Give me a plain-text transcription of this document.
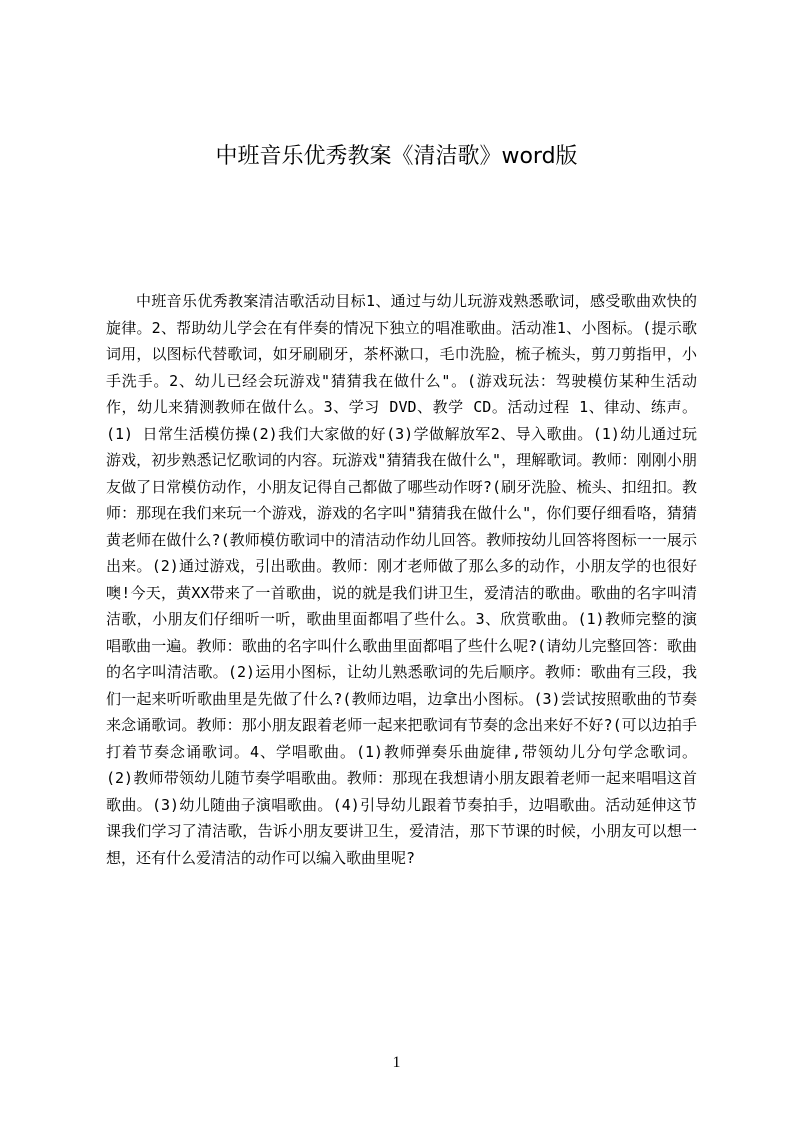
中班音乐优秀教案《清洁歌》word版

中班音乐优秀教案清洁歌活动目标1、通过与幼儿玩游戏熟悉歌词，感受歌曲欢快的旋律。2、帮助幼儿学会在有伴奏的情况下独立的唱准歌曲。活动准1、小图标。(提示歌词用，以图标代替歌词，如牙刷刷牙，茶杯漱口，毛巾洗脸，梳子梳头，剪刀剪指甲，小手洗手。2、幼儿已经会玩游戏"猜猜我在做什么"。(游戏玩法：驾驶模仿某种生活动作，幼儿来猜测教师在做什么。3、学习 DVD、教学 CD。活动过程 1、律动、练声。(1) 日常生活模仿操(2)我们大家做的好(3)学做解放军2、导入歌曲。(1)幼儿通过玩游戏，初步熟悉记忆歌词的内容。玩游戏"猜猜我在做什么"，理解歌词。教师：刚刚小朋友做了日常模仿动作，小朋友记得自己都做了哪些动作呀?(刷牙洗脸、梳头、扣纽扣。教师：那现在我们来玩一个游戏，游戏的名字叫"猜猜我在做什么"，你们要仔细看咯，猜猜黄老师在做什么?(教师模仿歌词中的清洁动作幼儿回答。教师按幼儿回答将图标一一展示出来。(2)通过游戏，引出歌曲。教师：刚才老师做了那么多的动作，小朋友学的也很好噢!今天，黄XX带来了一首歌曲，说的就是我们讲卫生，爱清洁的歌曲。歌曲的名字叫清洁歌，小朋友们仔细听一听，歌曲里面都唱了些什么。3、欣赏歌曲。(1)教师完整的演唱歌曲一遍。教师：歌曲的名字叫什么歌曲里面都唱了些什么呢?(请幼儿完整回答：歌曲的名字叫清洁歌。(2)运用小图标，让幼儿熟悉歌词的先后顺序。教师：歌曲有三段，我们一起来听听歌曲里是先做了什么?(教师边唱，边拿出小图标。(3)尝试按照歌曲的节奏来念诵歌词。教师：那小朋友跟着老师一起来把歌词有节奏的念出来好不好?(可以边拍手打着节奏念诵歌词。4、学唱歌曲。(1)教师弹奏乐曲旋律,带领幼儿分句学念歌词。 (2)教师带领幼儿随节奏学唱歌曲。教师：那现在我想请小朋友跟着老师一起来唱唱这首歌曲。(3)幼儿随曲子演唱歌曲。(4)引导幼儿跟着节奏拍手，边唱歌曲。活动延伸这节课我们学习了清洁歌，告诉小朋友要讲卫生，爱清洁，那下节课的时候，小朋友可以想一想，还有什么爱清洁的动作可以编入歌曲里呢?

1
